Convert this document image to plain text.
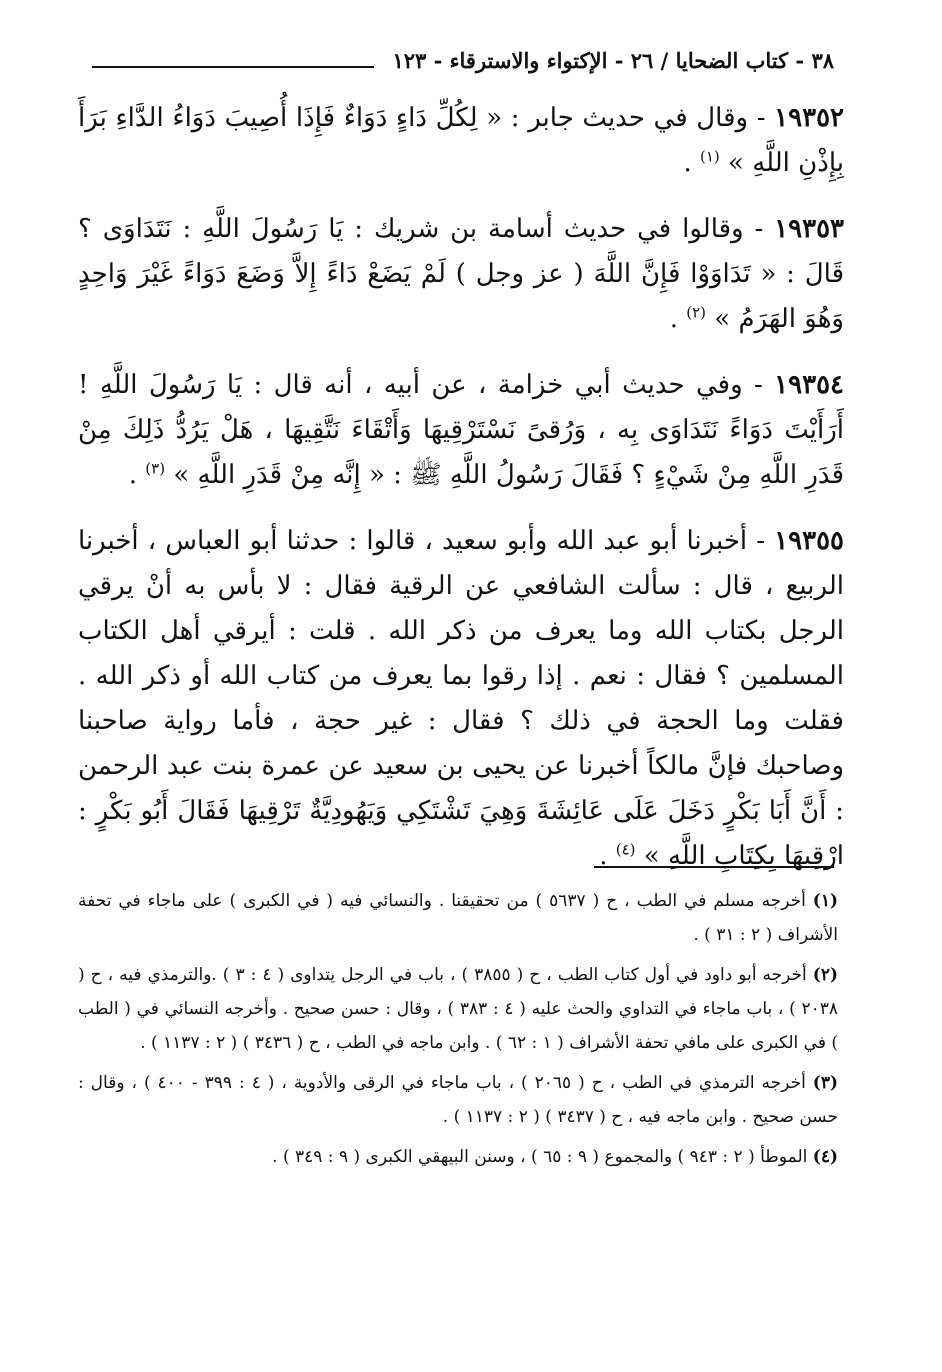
٣٨ - كتاب الضحايا / ٢٦ - الإكتواء والاسترقاء - ١٢٣

١٩٣٥٢ - وقال في حديث جابر : « لِكُلِّ دَاءٍ دَوَاءٌ فَإِذَا أُصِيبَ دَوَاءُ الدَّاءِ بَرَأَ بِإِذْنِ اللَّهِ » $^{(١)}$ .

١٩٣٥٣ - وقالوا في حديث أسامة بن شريك : يَا رَسُولَ اللَّهِ : نَتَدَاوَى ؟ قَالَ : « تَدَاوَوْا فَإِنَّ اللَّهَ ( عز وجل ) لَمْ يَضَعْ دَاءً إِلاَّ وَضَعَ دَوَاءً غَيْرَ وَاحِدٍ وَهُوَ الهَرَمُ » $^{(٢)}$ .

١٩٣٥٤ - وفي حديث أبي خزامة ، عن أبيه ، أنه قال : يَا رَسُولَ اللَّهِ ! أَرَأَيْتَ دَوَاءً نَتَدَاوَى بِه ، وَرُقىً نَسْتَرْقِيهَا وَأَتْقَاءَ نَتَّقِيهَا ، هَلْ يَرُدُّ ذَلِكَ مِنْ قَدَرِ اللَّهِ مِنْ شَيْءٍ ؟ فَقَالَ رَسُولُ اللَّهِ ﷺ : « إِنَّه مِنْ قَدَرِ اللَّهِ » $^{(٣)}$ .

١٩٣٥٥ - أخبرنا أبو عبد الله وأبو سعيد ، قالوا : حدثنا أبو العباس ، أخبرنا الربيع ، قال : سألت الشافعي عن الرقية فقال : لا بأس به أنْ يرقي الرجل بكتاب الله وما يعرف من ذكر الله . قلت : أيرقي أهل الكتاب المسلمين ؟ فقال : نعم . إذا رقوا بما يعرف من كتاب الله أو ذكر الله . فقلت وما الحجة في ذلك ؟ فقال : غير حجة ، فأما رواية صاحبنا وصاحبك فإنَّ مالكاً أخبرنا عن يحيى بن سعيد عن عمرة بنت عبد الرحمن : أَنَّ أَبَا بَكْرٍ دَخَلَ عَلَى عَائِشَةَ وَهِيَ تَشْتَكِي وَيَهُودِيَّةٌ تَرْقِيهَا فَقَالَ أَبُو بَكْرٍ : ارْقِيهَا بِكِتَابِ اللَّهِ » $^{(٤)}$ .

(١) أخرجه مسلم في الطب ، ح ( ٥٦٣٧ ) من تحقيقنا . والنسائي فيه ( في الكبرى ) على ماجاء في تحفة الأشراف ( ٢ : ٣١ ) .

(٢) أخرجه أبو داود في أول كتاب الطب ، ح ( ٣٨٥٥ ) ، باب في الرجل يتداوى ( ٤ : ٣ ) .والترمذي فيه ، ح ( ٢٠٣٨ ) ، باب ماجاء في التداوي والحث عليه ( ٤ : ٣٨٣ ) ، وقال : حسن صحيح . وأخرجه النسائي في ( الطب ) في الكبرى على مافي تحفة الأشراف ( ١ : ٦٢ ) . وابن ماجه في الطب ، ح ( ٣٤٣٦ ) ( ٢ : ١١٣٧ ) .

(٣) أخرجه الترمذي في الطب ، ح ( ٢٠٦٥ ) ، باب ماجاء في الرقى والأدوية ، ( ٤ : ٣٩٩ - ٤٠٠ ) ، وقال : حسن صحيح . وابن ماجه فيه ، ح ( ٣٤٣٧ ) ( ٢ : ١١٣٧ ) .

(٤) الموطأ ( ٢ : ٩٤٣ ) والمجموع ( ٩ : ٦٥ ) ، وسنن البيهقي الكبرى ( ٩ : ٣٤٩ ) .
